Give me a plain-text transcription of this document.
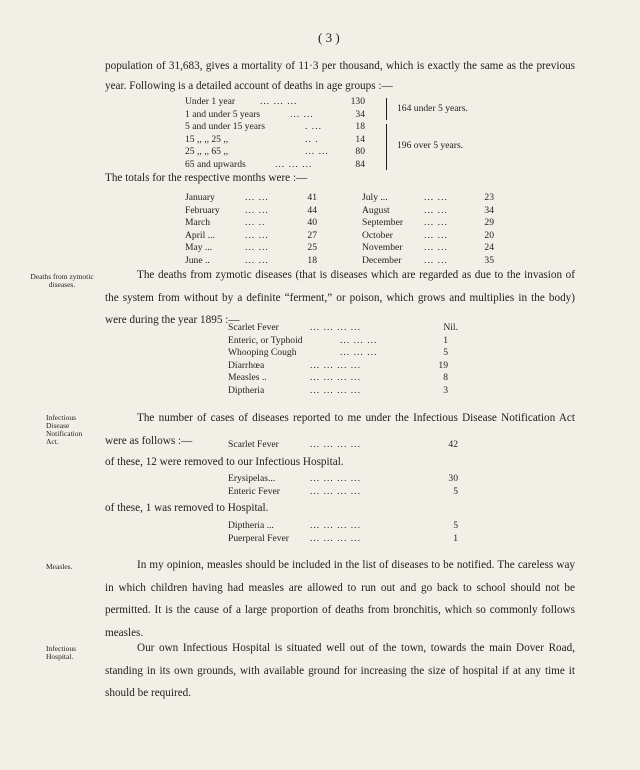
( 3 )

population of 31,683, gives a mortality of 11·3 per thousand, which is exactly the same as the previous year. Following is a detailed account of deaths in age groups :—

Under 1 year	... ... ...	130
1 and under 5 years	... ...	34
5 and under 15 years	. ...	18
15 ,, ,, 25 ,,	.. .	14
25 ,, ,, 65 ,,	... ...	80
65 and upwards	... ... ...	84
164 under 5 years.
196 over 5 years.

The totals for the respective months were :—

January	... ...	41
February	... ...	44
March	... ..	40
April ...	... ...	27
May ...	... ...	25
June ..	... ...	18
July ...	... ...	23
August	... ...	34
September ... ...	29
October	... ...	20
November ... ...	24
December ... ...	35

Deaths from zymotic diseases.

The deaths from zymotic diseases (that is diseases which are regarded as due to the invasion of the system from without by a definite “ferment,” or poison, which grows and multiplies in the body) were during the year 1895 :—

Scarlet Fever	... ... ... ...	Nil.
Enteric, or Typhoid	... ... ...	1
Whooping Cough	... ... ...	5
Diarrhœa	... ... ... ...	19
Measles ..	... ... ... ...	8
Diptheria	... ... ... ...	3

Infectious Disease Notification Act.

The number of cases of diseases reported to me under the Infectious Disease Notification Act were as follows :—	Scarlet Fever	... ... ... ...	42

of these, 12 were removed to our Infectious Hospital.

Erysipelas...	... ... ... ...	30
Enteric Fever	... ... ... ...	5

of these, 1 was removed to Hospital.

Diptheria ...	... ... ... ...	5
Puerperal Fever ... ... ... ...	1

Measles.	In my opinion, measles should be included in the list of diseases to be notified. The careless way in which children having had measles are allowed to run out and go back to school should not be permitted. It is the cause of a large proportion of deaths from bronchitis, which so commonly follows measles.

Infectious Hospital.

Our own Infectious Hospital is situated well out of the town, towards the main Dover Road, standing in its own grounds, with available ground for increasing the size of hospital if at any time it should be required.
